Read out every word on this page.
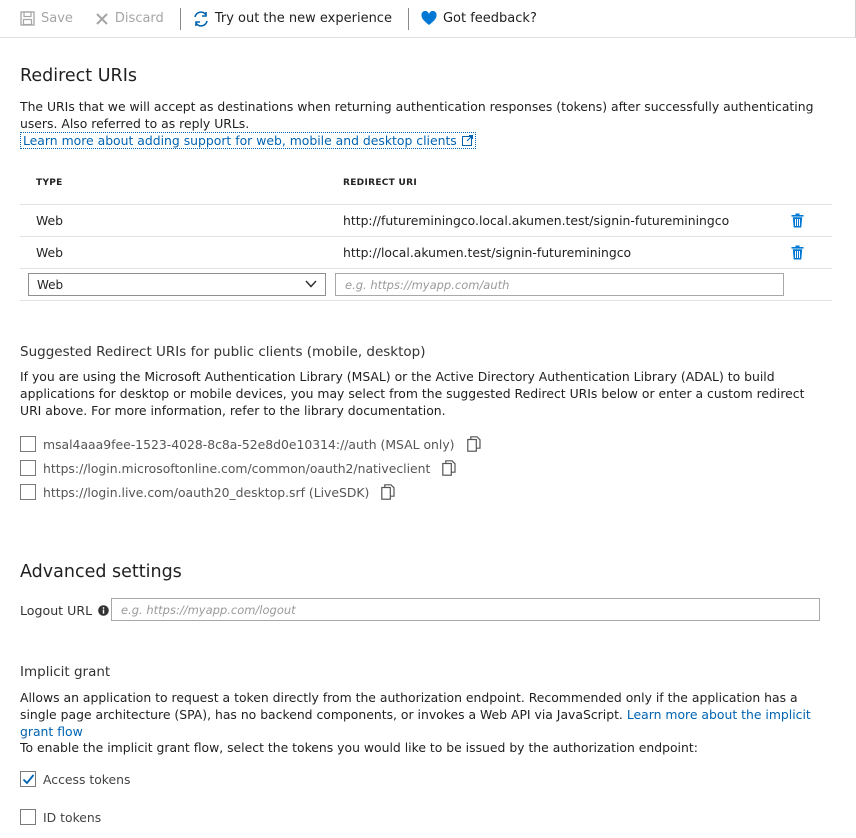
Save	Discard	Try out the new experience	Got feedback?
Redirect URIs
The URIs that we will accept as destinations when returning authentication responses (tokens) after successfully authenticating users. Also referred to as reply URLs.
Learn more about adding support for web, mobile and desktop clients
TYPE	REDIRECT URI
Web	http://futureminingco.local.akumen.test/signin-futureminingco
Web	http://local.akumen.test/signin-futureminingco
Web	e.g. https://myapp.com/auth
Suggested Redirect URIs for public clients (mobile, desktop)
If you are using the Microsoft Authentication Library (MSAL) or the Active Directory Authentication Library (ADAL) to build applications for desktop or mobile devices, you may select from the suggested Redirect URIs below or enter a custom redirect URI above. For more information, refer to the library documentation.
msal4aaa9fee-1523-4028-8c8a-52e8d0e10314://auth (MSAL only)
https://login.microsoftonline.com/common/oauth2/nativeclient
https://login.live.com/oauth20_desktop.srf (LiveSDK)
Advanced settings
Logout URL	e.g. https://myapp.com/logout
Implicit grant
Allows an application to request a token directly from the authorization endpoint. Recommended only if the application has a single page architecture (SPA), has no backend components, or invokes a Web API via JavaScript. Learn more about the implicit grant flow
To enable the implicit grant flow, select the tokens you would like to be issued by the authorization endpoint:
Access tokens
ID tokens
